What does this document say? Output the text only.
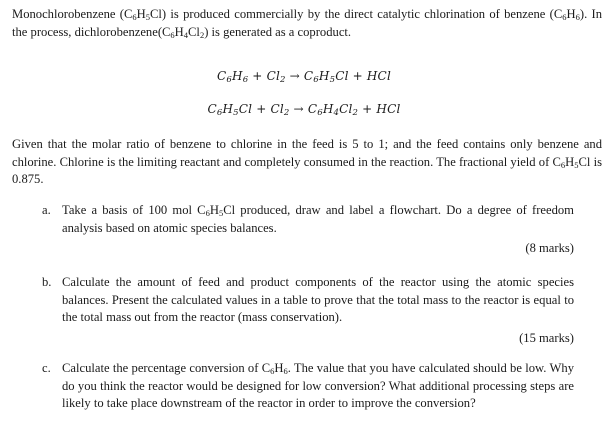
Monochlorobenzene $(C_6H_5Cl)$ is produced commercially by the direct catalytic chlorination of benzene $(C_6H_6)$. In the process, $dichlorobenzene(C_6H_4Cl_2)$ is generated as a coproduct.

$C_6H_6 + Cl_2 \to C_6H_5Cl$ + HCl
$C_6H_5Cl + Cl_2 \to C_6H_4Cl_2$ + HCl

Given that the molar ratio of benzene to chlorine in the feed is 5 to 1; and the feed contains only benzene and chlorine. Chlorine is the limiting reactant and completely consumed in the reaction. The fractional yield of $C_6H_5Cl$ is 0.875.

a. Take a basis of 100 mol $C_6H_5Cl$ produced, draw and label a flowchart. Do a degree of freedom analysis based on atomic species balances.
(8 marks)
b. Calculate the amount of feed and product components of the reactor using the atomic species balances. Present the calculated values in a table to prove that the total mass to the reactor is equal to the total mass out from the reactor (mass conservation).
(15 marks)
c. Calculate the percentage conversion of $C_6H_6$. The value that you have calculated should be low. Why do you think the reactor would be designed for low conversion? What additional processing steps are likely to take place downstream of the reactor in order to improve the conversion?
